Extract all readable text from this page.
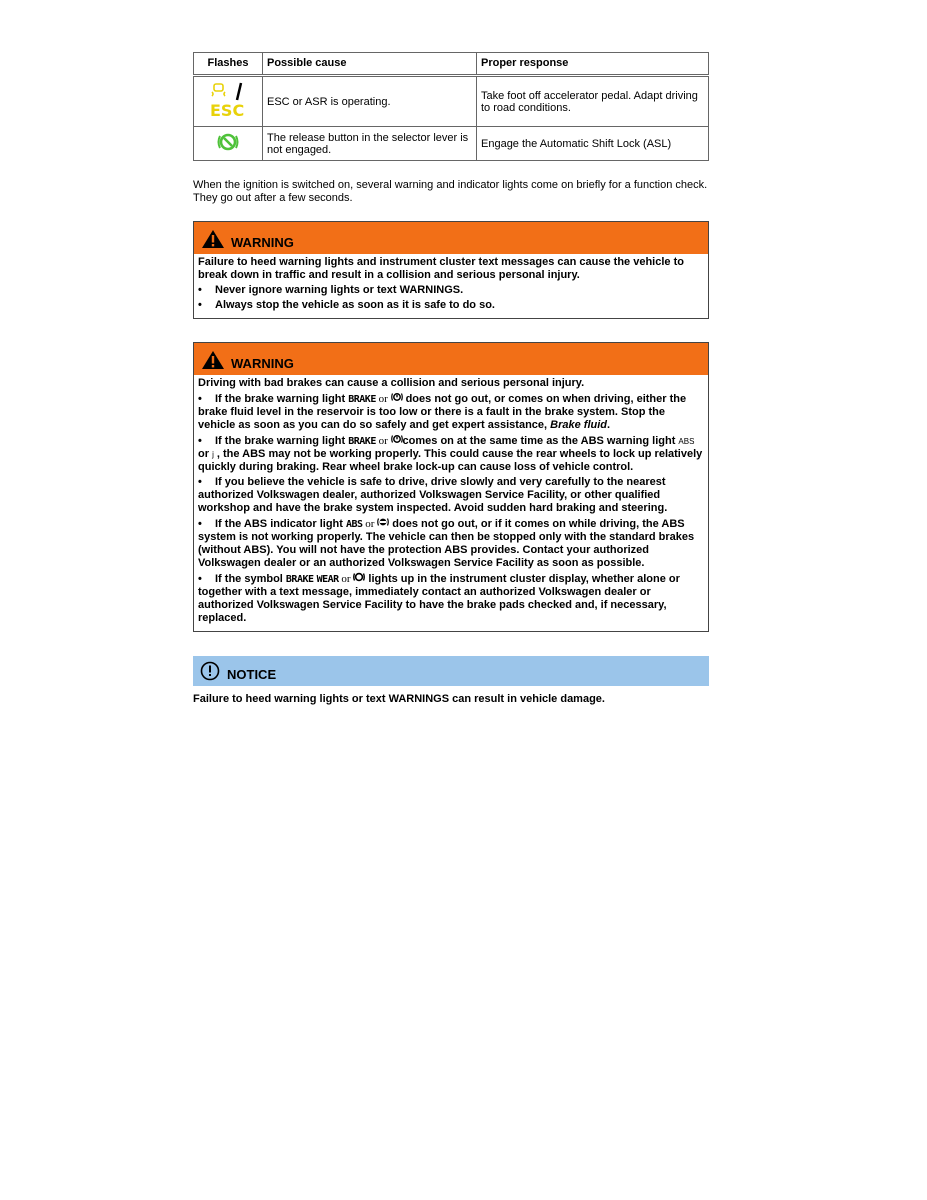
Flashes	Possible cause	Proper response

ESC	ESC or ASR is operating.	Take foot off accelerator pedal. Adapt driving to road conditions.
	The release button in the selector lever is not engaged.	Engage the Automatic Shift Lock (ASL)

When the ignition is switched on, several warning and indicator lights come on briefly for a function check. They go out after a few seconds.

WARNING

Failure to heed warning lights and instrument cluster text messages can cause the vehicle to break down in traffic and result in a collision and serious personal injury.

• Never ignore warning lights or text WARNINGS.
• Always stop the vehicle as soon as it is safe to do so.
WARNING

Driving with bad brakes can cause a collision and serious personal injury.

• If the brake warning light BRAKE or  does not go out, or comes on when driving, either the brake fluid level in the reservoir is too low or there is a fault in the brake system. Stop the vehicle as soon as you can do so safely and get expert assistance, Brake fluid.
• If the brake warning light BRAKE or comes on at the same time as the ABS warning light ABS or j , the ABS may not be working properly. This could cause the rear wheels to lock up relatively quickly during braking. Rear wheel brake lock-up can cause loss of vehicle control.
• If you believe the vehicle is safe to drive, drive slowly and very carefully to the nearest authorized Volkswagen dealer, authorized Volkswagen Service Facility, or other qualified workshop and have the brake system inspected. Avoid sudden hard braking and steering.
• If the ABS indicator light ABS or  does not go out, or if it comes on while driving, the ABS system is not working properly. The vehicle can then be stopped only with the standard brakes (without ABS). You will not have the protection ABS provides. Contact your authorized Volkswagen dealer or an authorized Volkswagen Service Facility as soon as possible.
• If the symbol BRAKE WEAR or  lights up in the instrument cluster display, whether alone or together with a text message, immediately contact an authorized Volkswagen dealer or authorized Volkswagen Service Facility to have the brake pads checked and, if necessary, replaced.
NOTICE
Failure to heed warning lights or text WARNINGS can result in vehicle damage.
